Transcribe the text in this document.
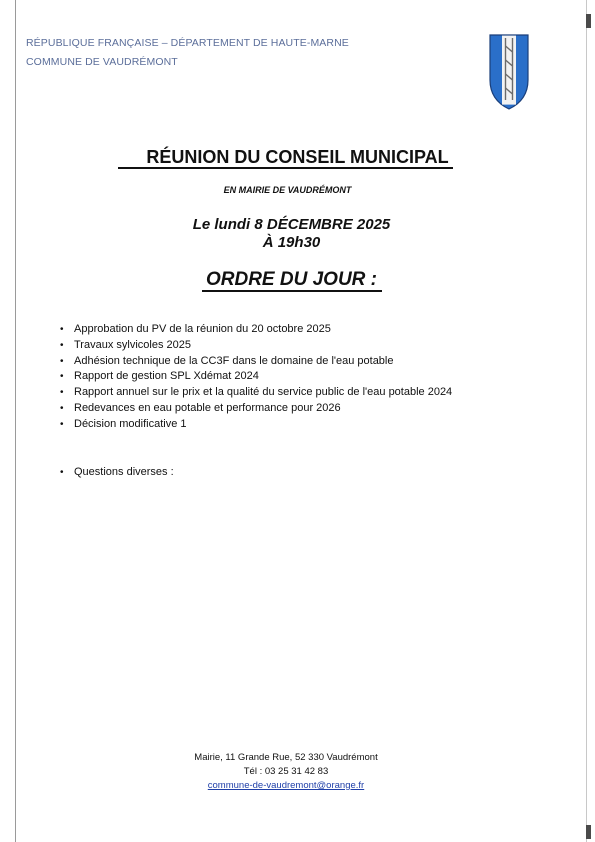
RÉPUBLIQUE FRANÇAISE – DÉPARTEMENT DE HAUTE-MARNE
COMMUNE DE VAUDRÉMONT
RÉUNION DU CONSEIL MUNICIPAL
EN MAIRIE DE VAUDRÉMONT
Le lundi 8 DÉCEMBRE 2025
À 19h30
ORDRE DU JOUR :
• Approbation du PV de la réunion du 20 octobre 2025
• Travaux sylvicoles 2025
• Adhésion technique de la CC3F dans le domaine de l'eau potable
• Rapport de gestion SPL Xdémat 2024
• Rapport annuel sur le prix et la qualité du service public de l'eau potable 2024
• Redevances en eau potable et performance pour 2026
• Décision modificative 1
• Questions diverses :
Mairie, 11 Grande Rue, 52 330 Vaudrémont
Tél : 03 25 31 42 83
commune-de-vaudremont@orange.fr
